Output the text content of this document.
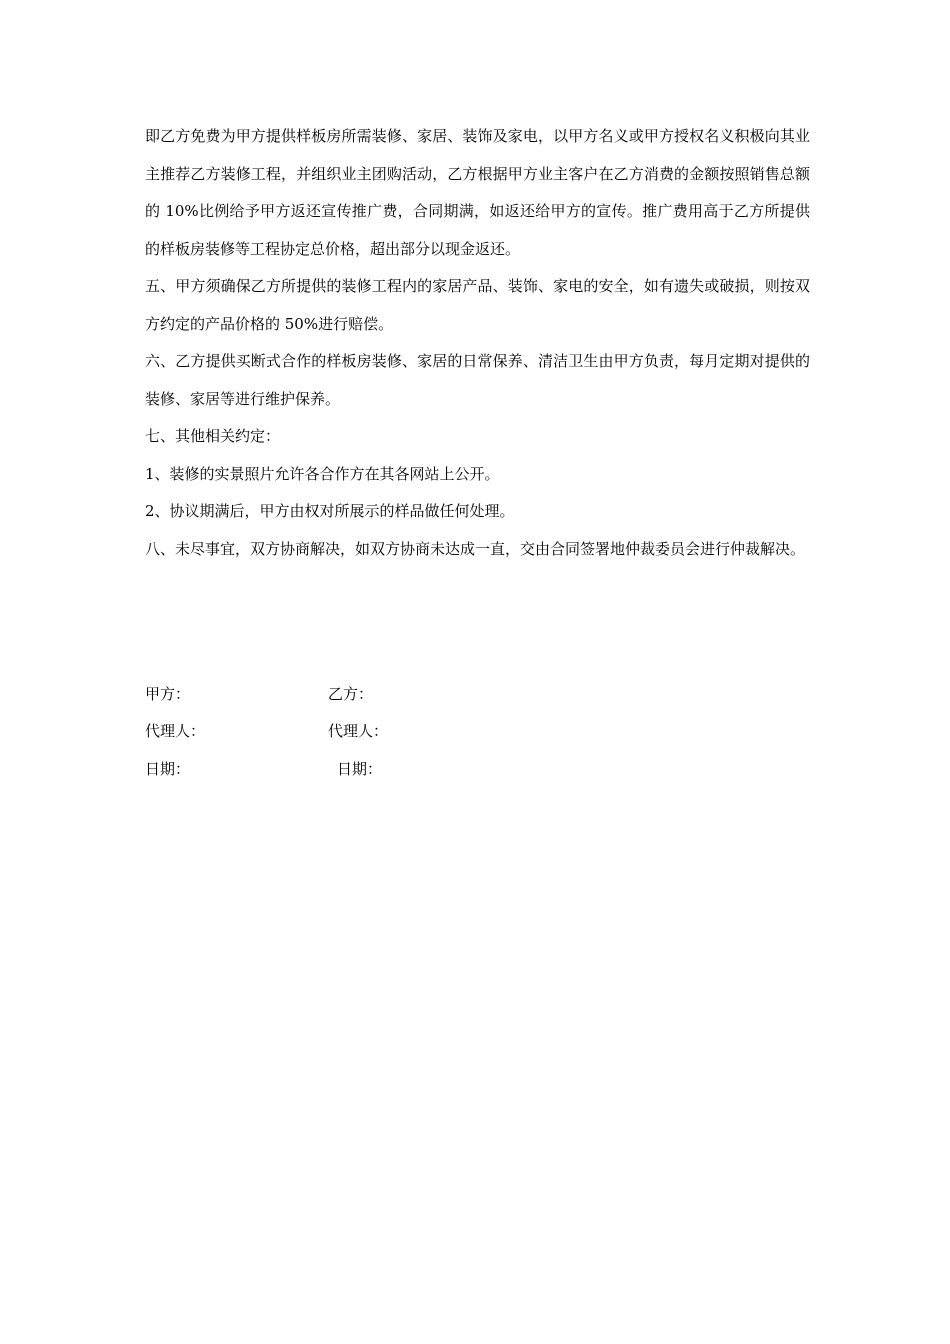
即乙方免费为甲方提供样板房所需装修、家居、装饰及家电，以甲方名义或甲方授权名义积极向其业主推荐乙方装修工程，并组织业主团购活动，乙方根据甲方业主客户在乙方消费的金额按照销售总额的 10%比例给予甲方返还宣传推广费，合同期满，如返还给甲方的宣传。推广费用高于乙方所提供的样板房装修等工程协定总价格，超出部分以现金返还。

五、甲方须确保乙方所提供的装修工程内的家居产品、装饰、家电的安全，如有遗失或破损，则按双方约定的产品价格的 50%进行赔偿。

六、乙方提供买断式合作的样板房装修、家居的日常保养、清洁卫生由甲方负责，每月定期对提供的装修、家居等进行维护保养。

七、其他相关约定：

1、装修的实景照片允许各合作方在其各网站上公开。

2、协议期满后，甲方由权对所展示的样品做任何处理。

八、未尽事宜，双方协商解决，如双方协商未达成一直，交由合同签署地仲裁委员会进行仲裁解决。

甲方：	乙方：
代理人：	代理人：
日期：	日期：
